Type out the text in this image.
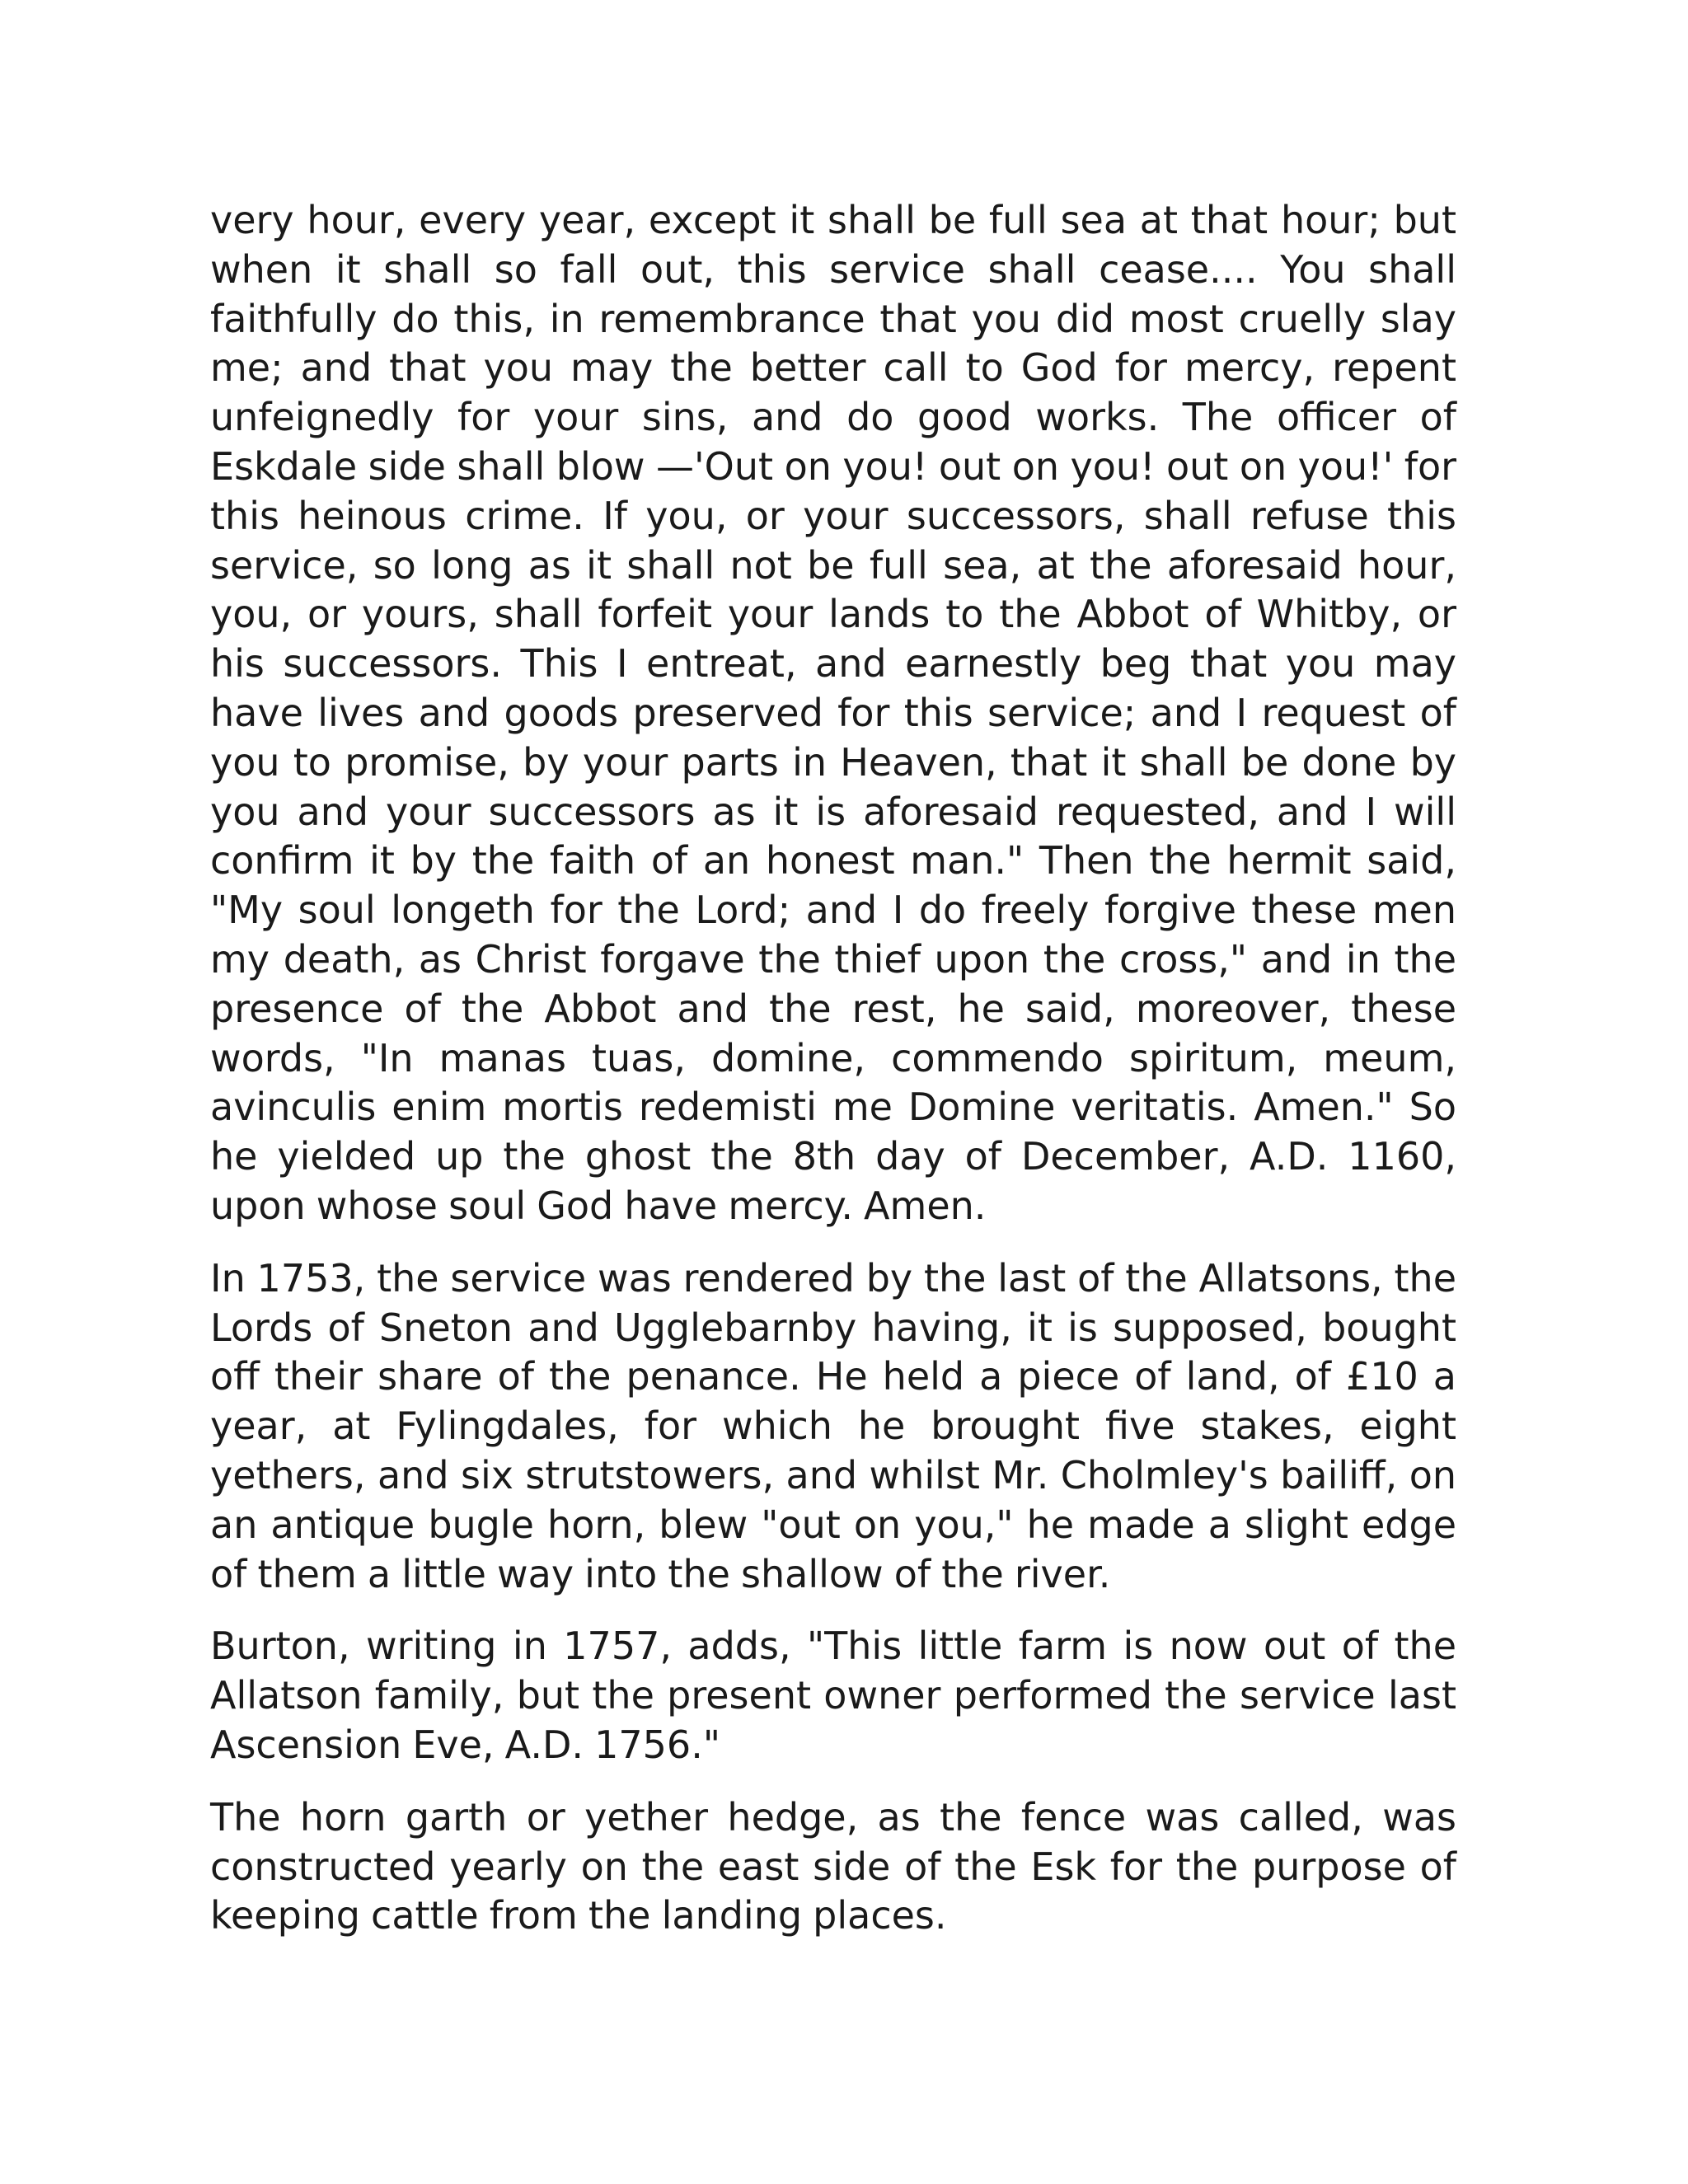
very hour, every year, except it shall be full sea at that hour; but when it shall so fall out, this service shall cease.... You shall faithfully do this, in remembrance that you did most cruelly slay me; and that you may the better call to God for mercy, repent unfeignedly for your sins, and do good works. The officer of Eskdale side shall blow —'Out on you! out on you! out on you!' for this heinous crime. If you, or your successors, shall refuse this service, so long as it shall not be full sea, at the aforesaid hour, you, or yours, shall forfeit your lands to the Abbot of Whitby, or his successors. This I entreat, and earnestly beg that you may have lives and goods preserved for this service; and I request of you to promise, by your parts in Heaven, that it shall be done by you and your successors as it is aforesaid requested, and I will confirm it by the faith of an honest man." Then the hermit said, "My soul longeth for the Lord; and I do freely forgive these men my death, as Christ forgave the thief upon the cross," and in the presence of the Abbot and the rest, he said, moreover, these words, "In manas tuas, domine, commendo spiritum, meum, avinculis enim mortis redemisti me Domine veritatis. Amen." So he yielded up the ghost the 8th day of December, A.D. 1160, upon whose soul God have mercy. Amen.

In 1753, the service was rendered by the last of the Allatsons, the Lords of Sneton and Ugglebarnby having, it is supposed, bought off their share of the penance. He held a piece of land, of £10 a year, at Fylingdales, for which he brought five stakes, eight yethers, and six strutstowers, and whilst Mr. Cholmley's bailiff, on an antique bugle horn, blew "out on you," he made a slight edge of them a little way into the shallow of the river.

Burton, writing in 1757, adds, "This little farm is now out of the Allatson family, but the present owner performed the service last Ascension Eve, A.D. 1756."

The horn garth or yether hedge, as the fence was called, was constructed yearly on the east side of the Esk for the purpose of keeping cattle from the landing places.
